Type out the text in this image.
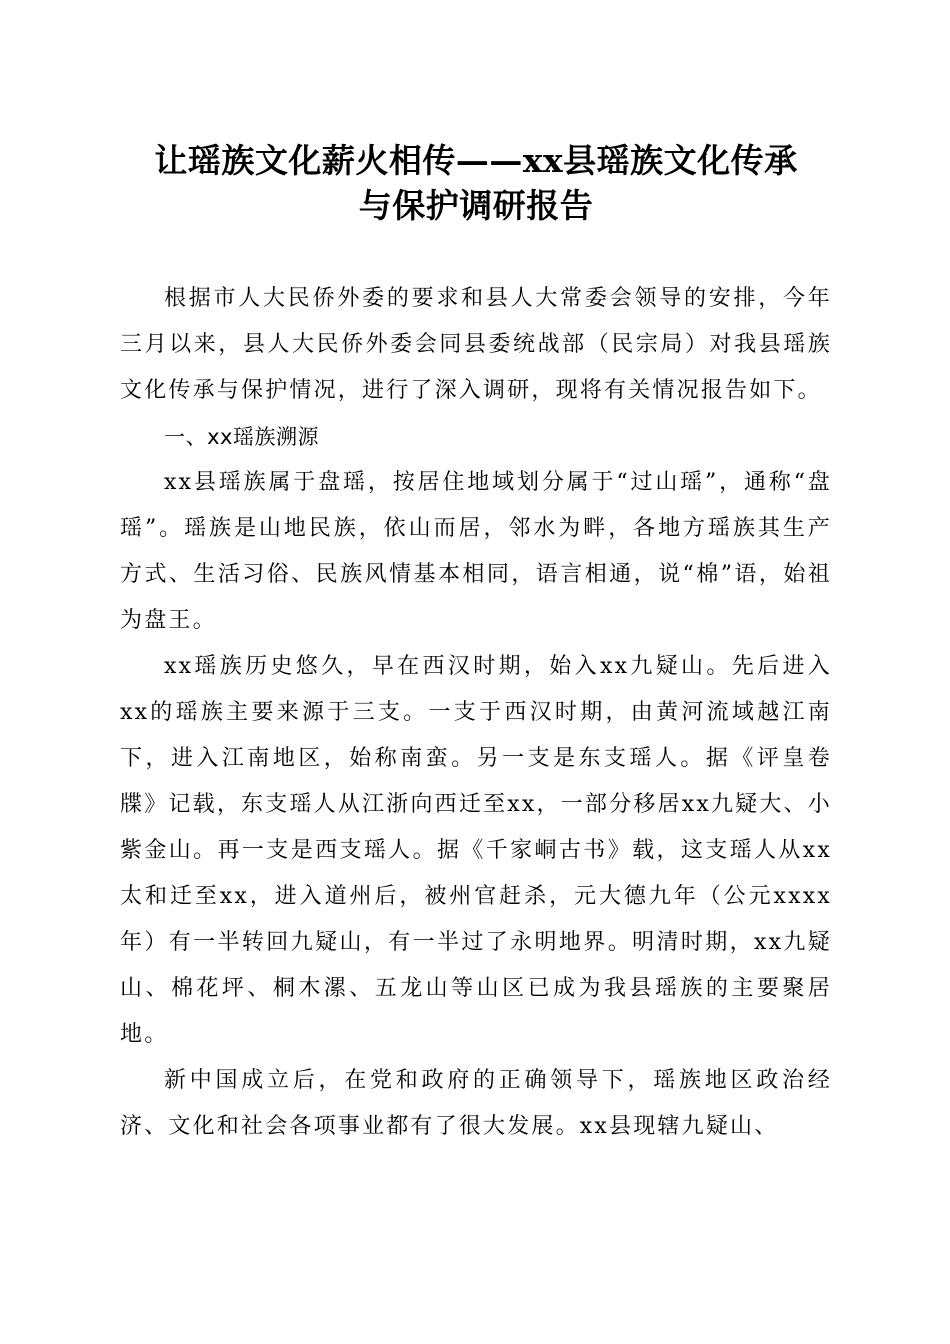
让瑶族文化薪火相传——xx县瑶族文化传承
与保护调研报告

根据市人大民侨外委的要求和县人大常委会领导的安排，今年三月以来，县人大民侨外委会同县委统战部（民宗局）对我县瑶族文化传承与保护情况，进行了深入调研，现将有关情况报告如下。

一、xx瑶族溯源

xx县瑶族属于盘瑶，按居住地域划分属于“过山瑶”，通称“盘瑶”。瑶族是山地民族，依山而居，邻水为畔，各地方瑶族其生产方式、生活习俗、民族风情基本相同，语言相通，说“棉”语，始祖为盘王。

xx瑶族历史悠久，早在西汉时期，始入xx九疑山。先后进入xx的瑶族主要来源于三支。一支于西汉时期，由黄河流域越江南下，进入江南地区，始称南蛮。另一支是东支瑶人。据《评皇卷牒》记载，东支瑶人从江浙向西迁至xx，一部分移居xx九疑大、小紫金山。再一支是西支瑶人。据《千家峒古书》载，这支瑶人从xx太和迁至xx，进入道州后，被州官赶杀，元大德九年（公元xxxx年）有一半转回九疑山，有一半过了永明地界。明清时期，xx九疑山、棉花坪、桐木漯、五龙山等山区已成为我县瑶族的主要聚居地。

新中国成立后，在党和政府的正确领导下，瑶族地区政治经济、文化和社会各项事业都有了很大发展。xx县现辖九疑山、
